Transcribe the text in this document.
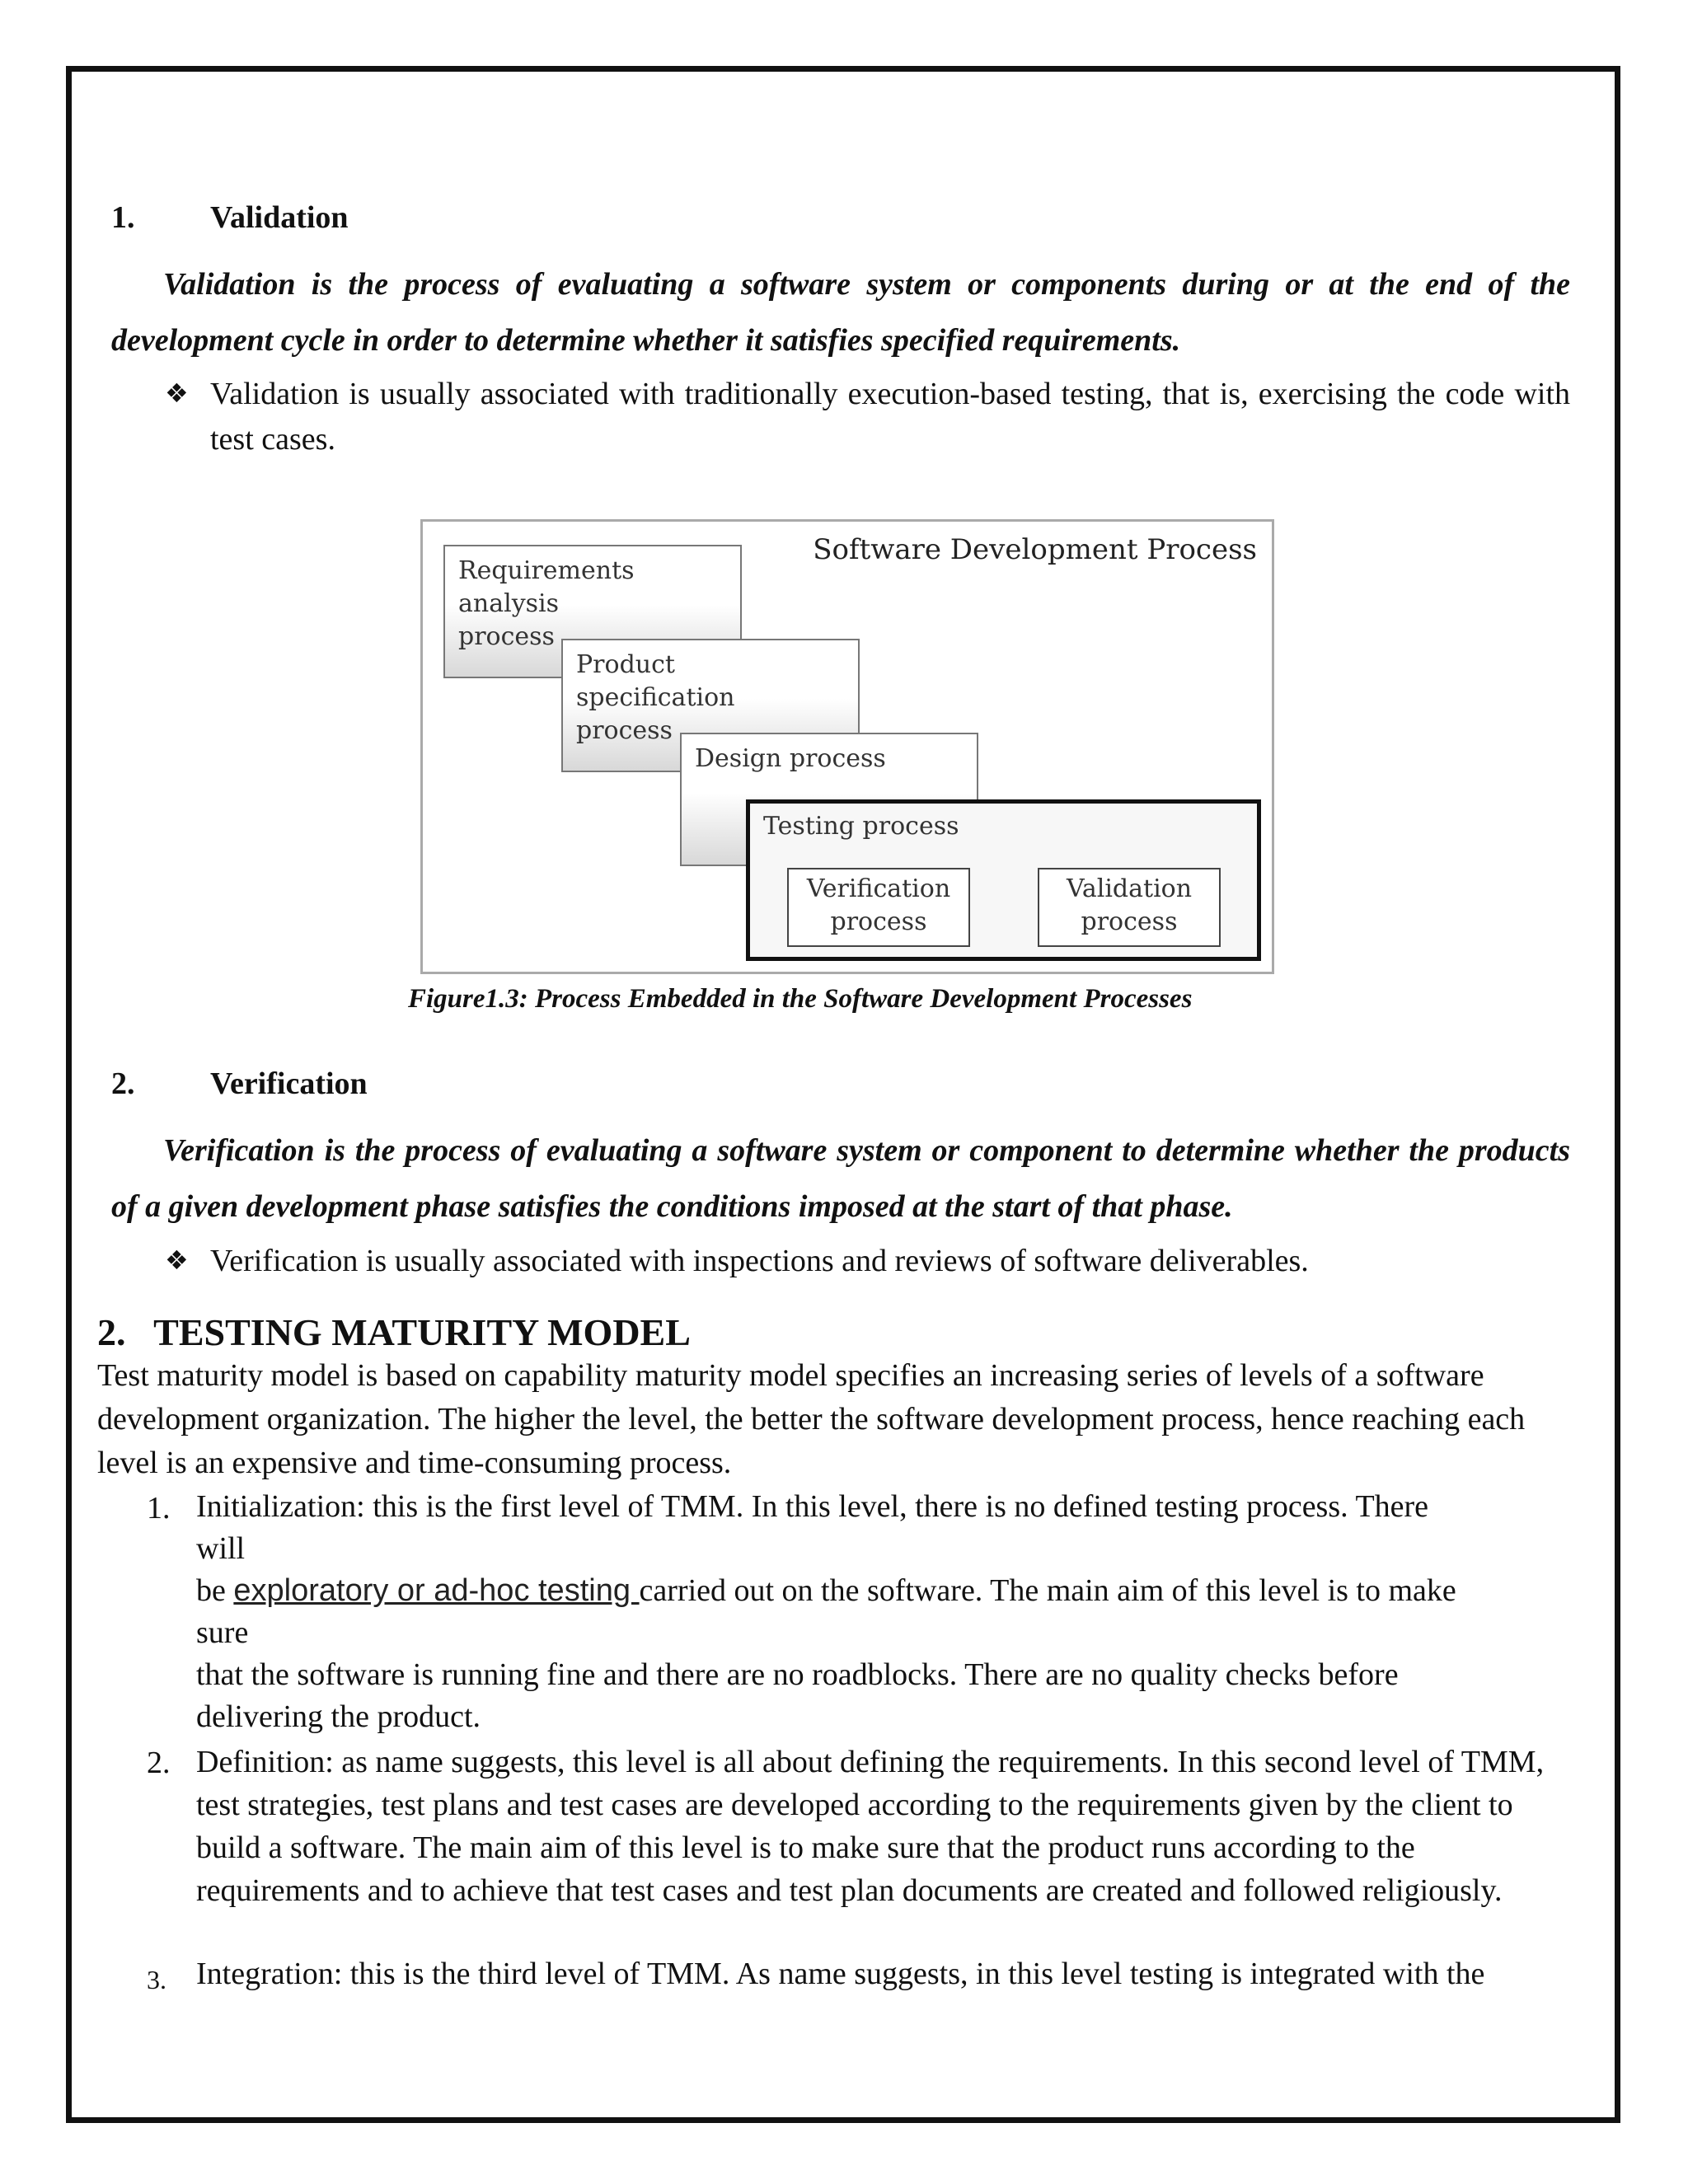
1. Validation
Validation is the process of evaluating a software system or components during or at the end of the development cycle in order to determine whether it satisfies specified requirements.
❖ Validation is usually associated with traditionally execution-based testing, that is, exercising the code with test cases.
Software Development Process
Requirements analysis process
Product specification process
Design process
Testing process
Verification process
Validation process
Figure1.3: Process Embedded in the Software Development Processes
2. Verification
Verification is the process of evaluating a software system or component to determine whether the products of a given development phase satisfies the conditions imposed at the start of that phase.
❖ Verification is usually associated with inspections and reviews of software deliverables.
2.   TESTING MATURITY MODEL
Test maturity model is based on capability maturity model specifies an increasing series of levels of a software development organization. The higher the level, the better the software development process, hence reaching each level is an expensive and time-consuming process.
1. Initialization: this is the first level of TMM. In this level, there is no defined testing process. There
will
be exploratory or ad-hoc testing carried out on the software. The main aim of this level is to make
sure
that the software is running fine and there are no roadblocks. There are no quality checks before
delivering the product.
2. Definition: as name suggests, this level is all about defining the requirements. In this second level of TMM, test strategies, test plans and test cases are developed according to the requirements given by the client to build a software. The main aim of this level is to make sure that the product runs according to the requirements and to achieve that test cases and test plan documents are created and followed religiously.
3. Integration: this is the third level of TMM. As name suggests, in this level testing is integrated with the
